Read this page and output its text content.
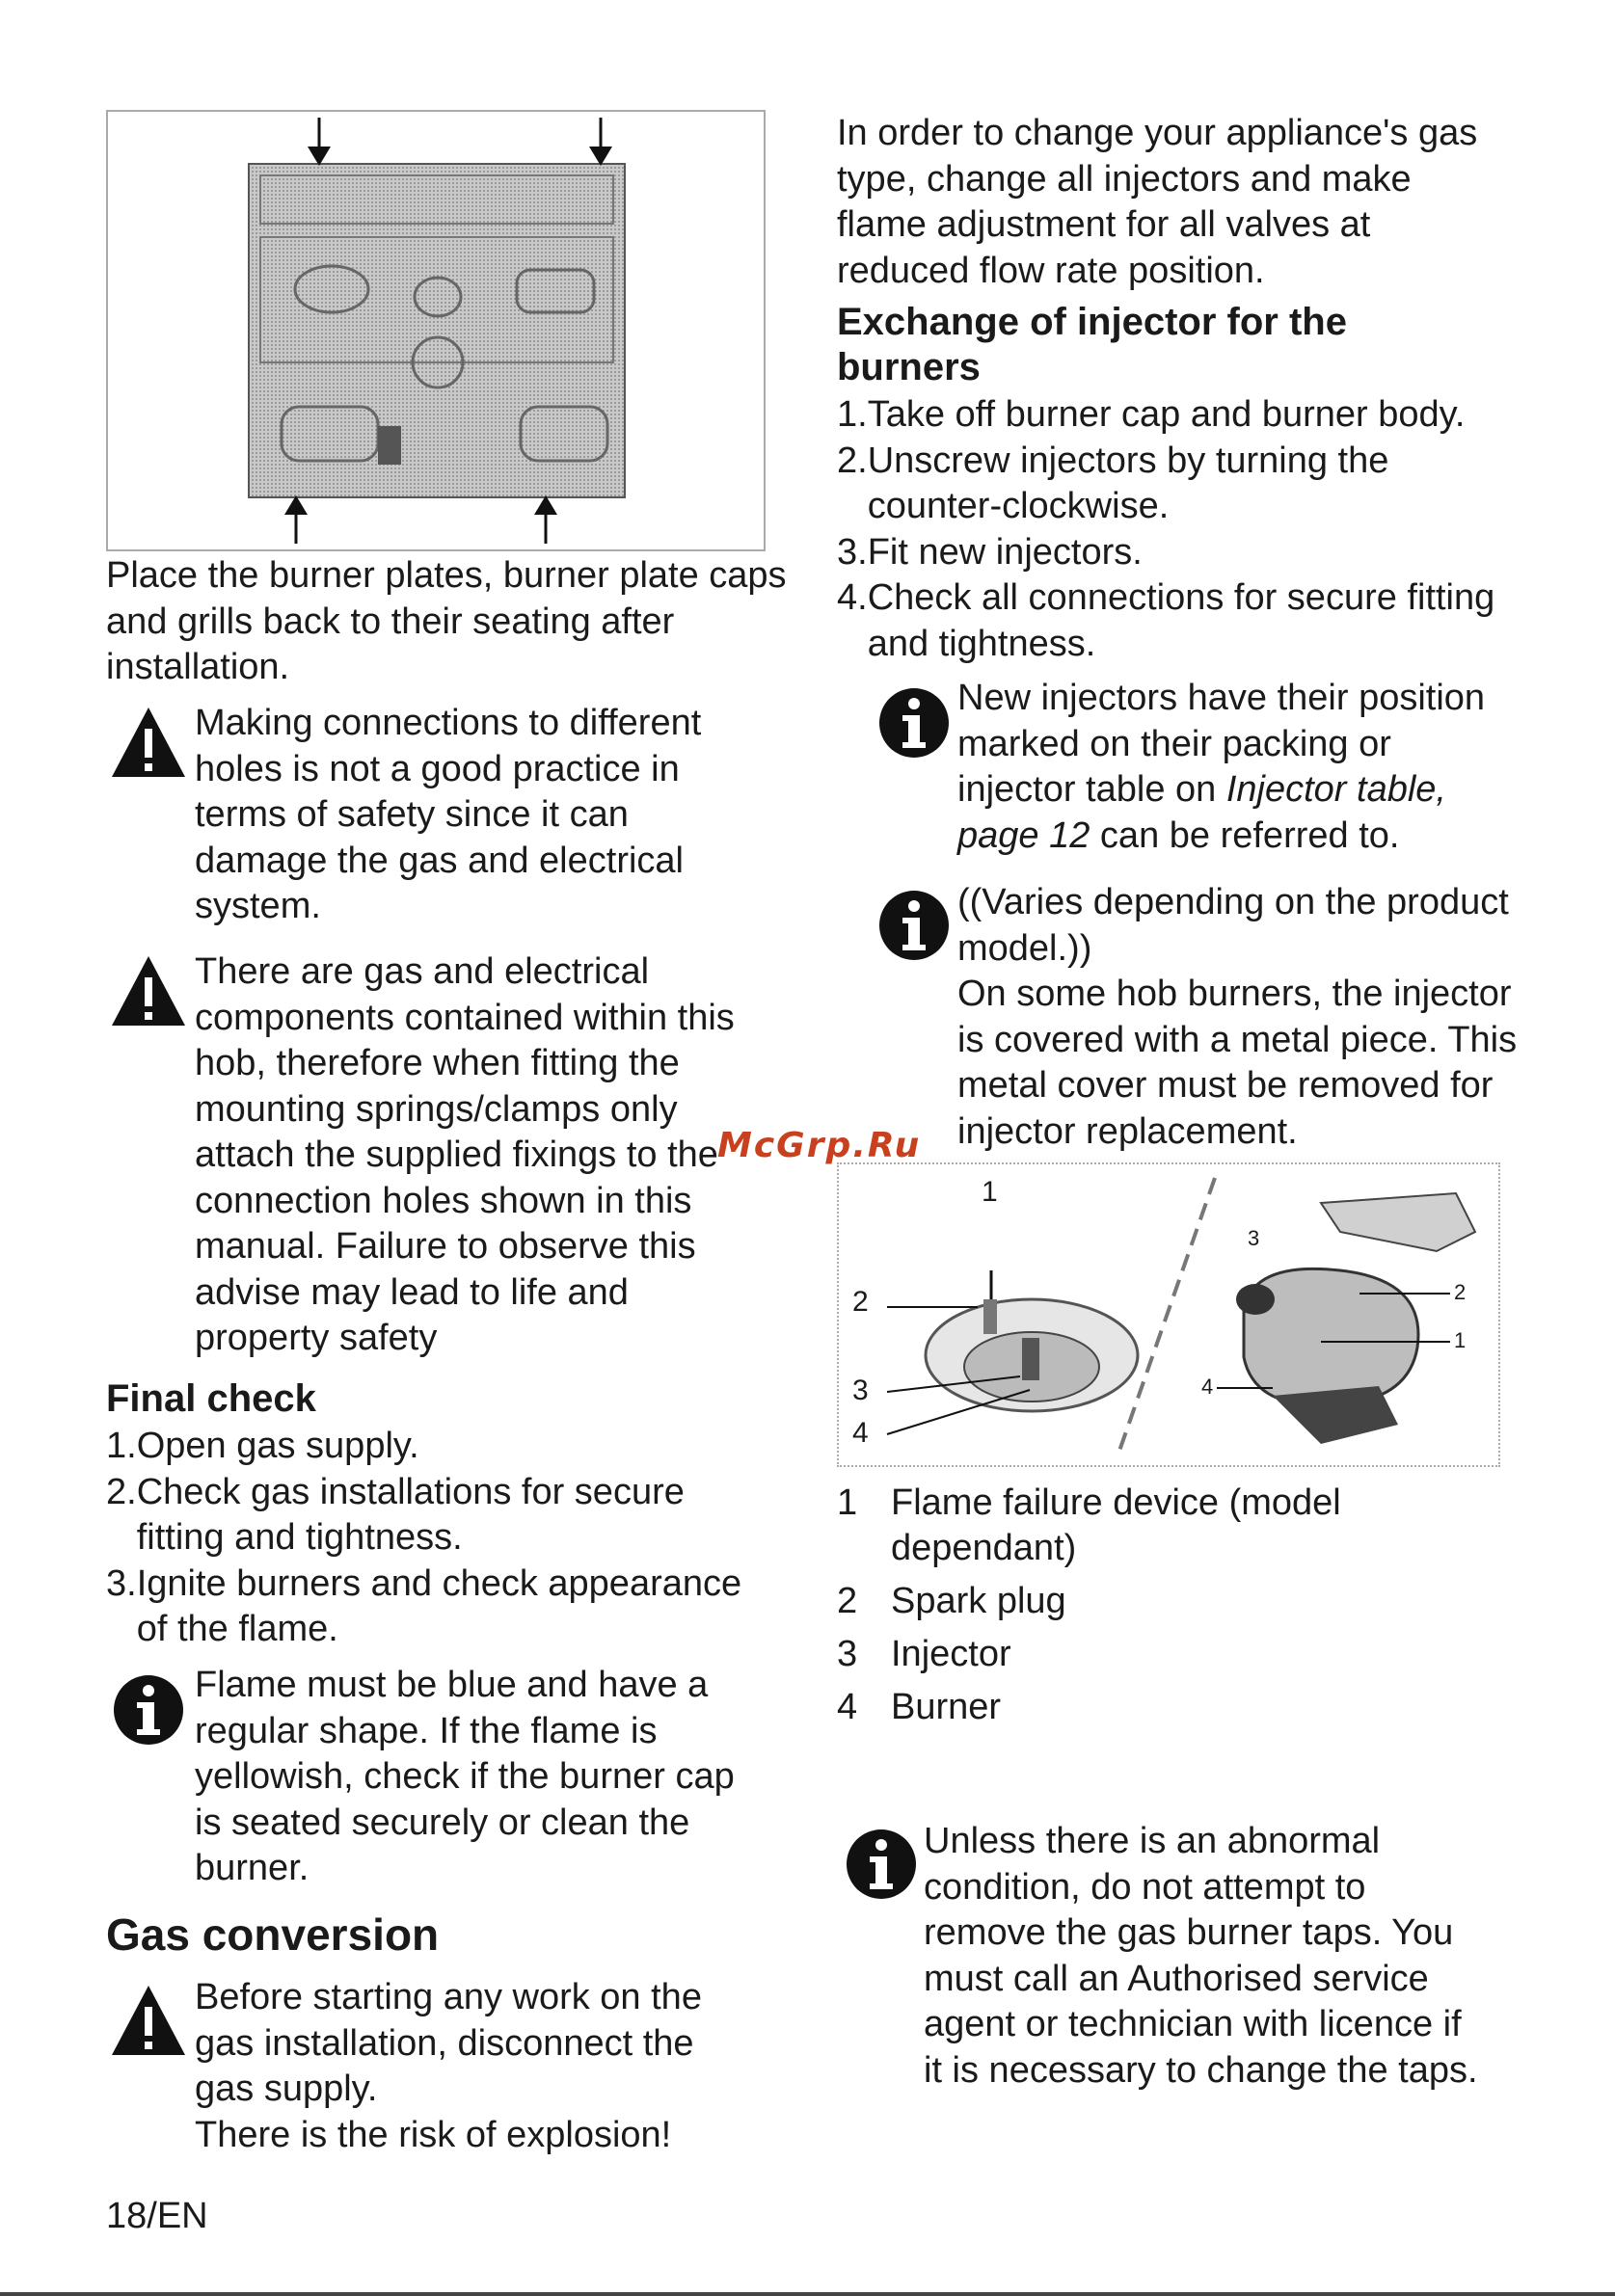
Place the burner plates, burner plate caps and grills back to their seating after installation.
Making connections to different
holes is not a good practice in
terms of safety since it can
damage the gas and electrical
system.
There are gas and electrical
components contained within this
hob, therefore when fitting the
mounting springs/clamps only
attach the supplied fixings to the
connection holes shown in this
manual. Failure to observe this
advise may lead to life and
property safety
Final check
1. Open gas supply.
2. Check gas installations for secure fitting and tightness.
3. Ignite burners and check appearance of the flame.
Flame must be blue and have a
regular shape. If the flame is
yellowish, check if the burner cap
is seated securely or clean the
burner.
Gas conversion
Before starting any work on the
gas installation, disconnect the
gas supply.
There is the risk of explosion!
In order to change your appliance's gas
type, change all injectors and make
flame adjustment for all valves at
reduced flow rate position.
Exchange of injector for the
burners
1. Take off burner cap and burner body.
2. Unscrew injectors by turning the counter-clockwise.
3. Fit new injectors.
4. Check all connections for secure fitting and tightness.
New injectors have their position marked on their packing or injector table on Injector table, page 12 can be referred to.
((Varies depending on the product
model.))
On some hob burners, the injector
is covered with a metal piece. This
metal cover must be removed for
injector replacement.
1
2
3
4
3
2
1
4
1 Flame failure device (model dependant)
2 Spark plug
3 Injector
4 Burner
Unless there is an abnormal
condition, do not attempt to
remove the gas burner taps. You
must call an Authorised service
agent or technician with licence if
it is necessary to change the taps.
McGrp.Ru
18/EN
